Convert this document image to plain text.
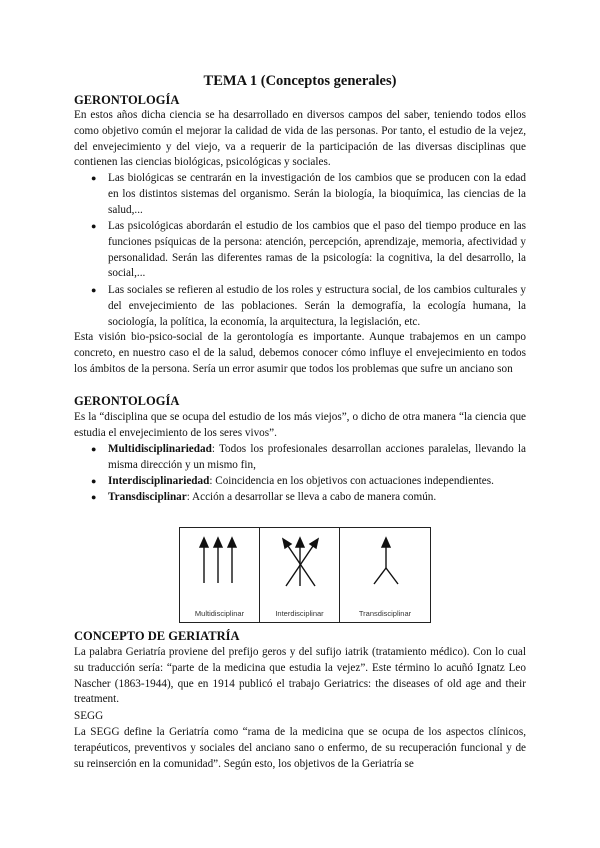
TEMA 1 (Conceptos generales)
GERONTOLOGÍA
En estos años dicha ciencia se ha desarrollado en diversos campos del saber, teniendo todos ellos como objetivo común el mejorar la calidad de vida de las personas. Por tanto, el estudio de la vejez, del envejecimiento y del viejo, va a requerir de la participación de las diversas disciplinas que contienen las ciencias biológicas, psicológicas y sociales.
● Las biológicas se centrarán en la investigación de los cambios que se producen con la edad en los distintos sistemas del organismo. Serán la biología, la bioquímica, las ciencias de la salud,...
● Las psicológicas abordarán el estudio de los cambios que el paso del tiempo produce en las funciones psíquicas de la persona: atención, percepción, aprendizaje, memoria, afectividad y personalidad. Serán las diferentes ramas de la psicología: la cognitiva, la del desarrollo, la social,...
● Las sociales se refieren al estudio de los roles y estructura social, de los cambios culturales y del envejecimiento de las poblaciones. Serán la demografía, la ecología humana, la sociología, la política, la economía, la arquitectura, la legislación, etc.
Esta visión bio-psico-social de la gerontología es importante. Aunque trabajemos en un campo concreto, en nuestro caso el de la salud, debemos conocer cómo influye el envejecimiento en todos los ámbitos de la persona. Sería un error asumir que todos los problemas que sufre un anciano son
GERONTOLOGÍA
Es la “disciplina que se ocupa del estudio de los más viejos”, o dicho de otra manera “la ciencia que estudia el envejecimiento de los seres vivos”.
● Multidisciplinariedad: Todos los profesionales desarrollan acciones paralelas, llevando la misma dirección y un mismo fin,
● Interdisciplinariedad: Coincidencia en los objetivos con actuaciones independientes.
● Transdisciplinar: Acción a desarrollar se lleva a cabo de manera común.
Multidisciplinar	Interdisciplinar	Transdisciplinar
CONCEPTO DE GERIATRÍA
La palabra Geriatría proviene del prefijo geros y del sufijo iatrik (tratamiento médico). Con lo cual su traducción sería: “parte de la medicina que estudia la vejez”. Este término lo acuñó Ignatz Leo Nascher (1863-1944), que en 1914 publicó el trabajo Geriatrics: the diseases of old age and their treatment.
SEGG
La SEGG define la Geriatría como “rama de la medicina que se ocupa de los aspectos clínicos, terapéuticos, preventivos y sociales del anciano sano o enfermo, de su recuperación funcional y de su reinserción en la comunidad”. Según esto, los objetivos de la Geriatría se
